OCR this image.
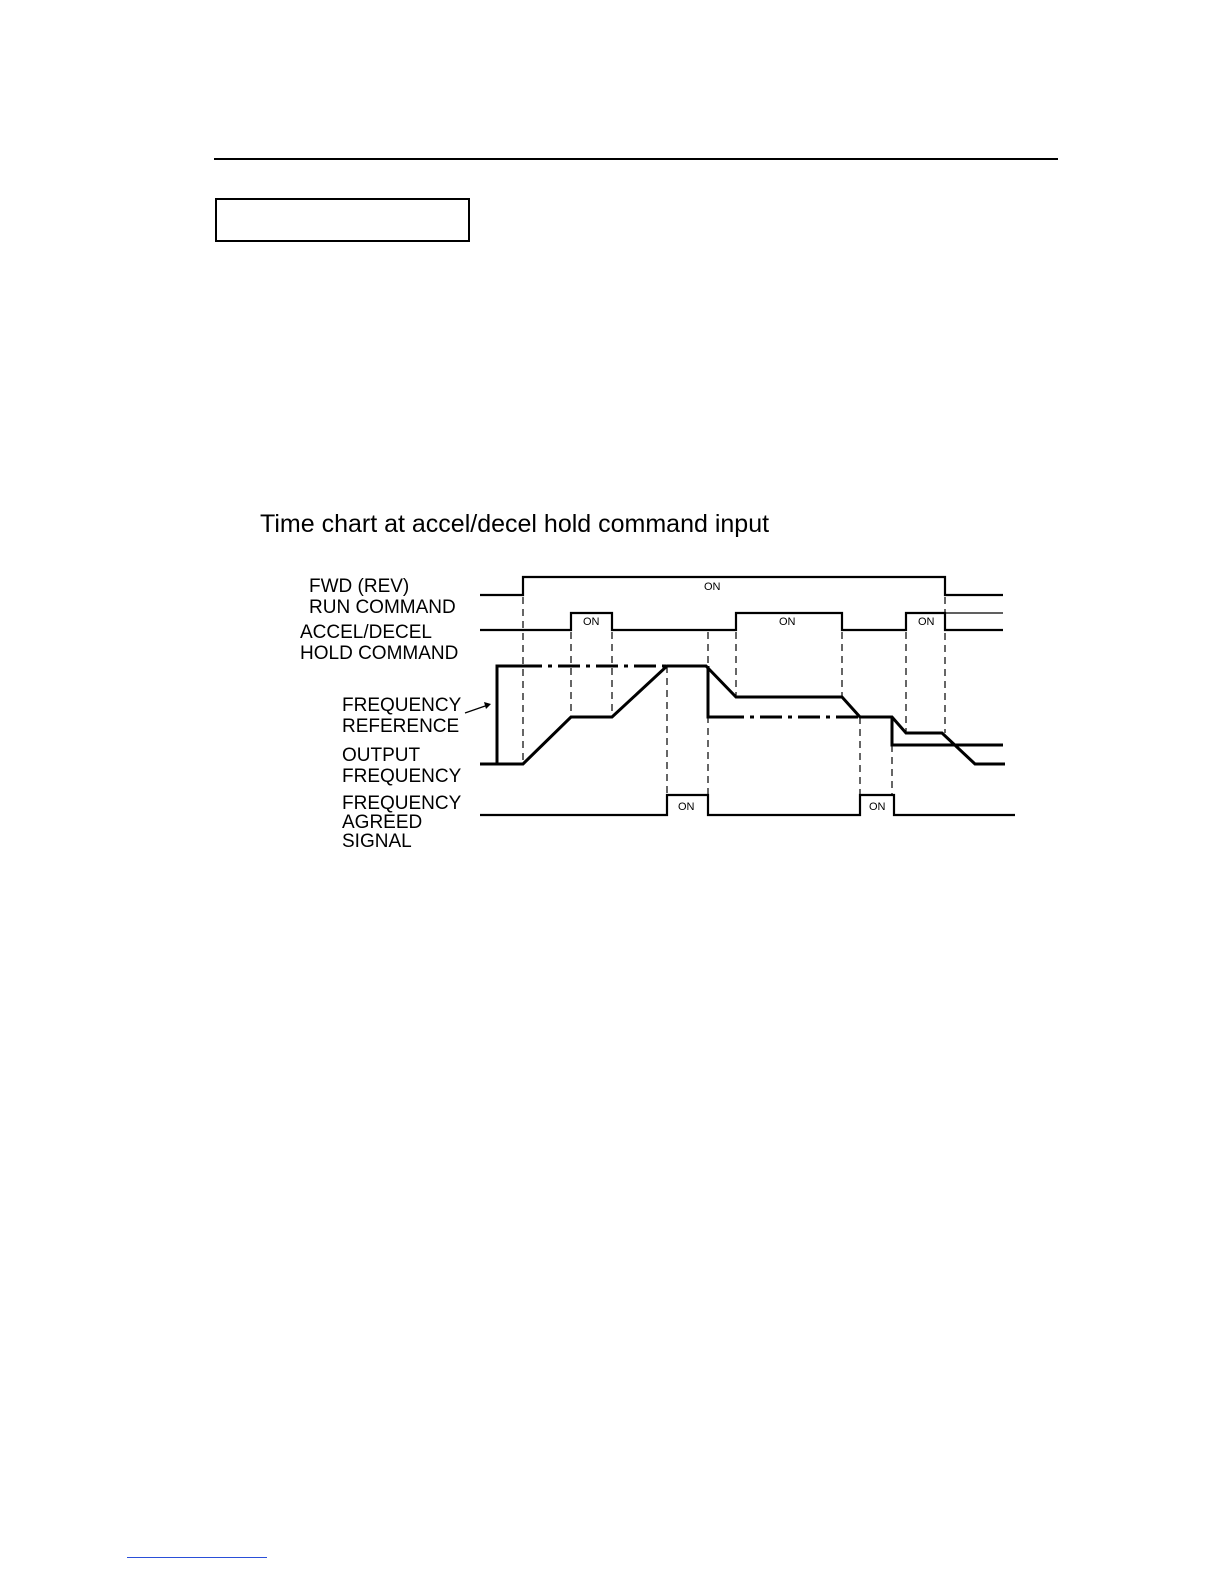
Time chart at accel/decel hold command input
FWD (REV)
RUN COMMAND
ACCEL/DECEL
HOLD COMMAND
FREQUENCY
REFERENCE
OUTPUT
FREQUENCY
FREQUENCY
AGREED
SIGNAL
ON
ON	ON	ON
ON	ON
